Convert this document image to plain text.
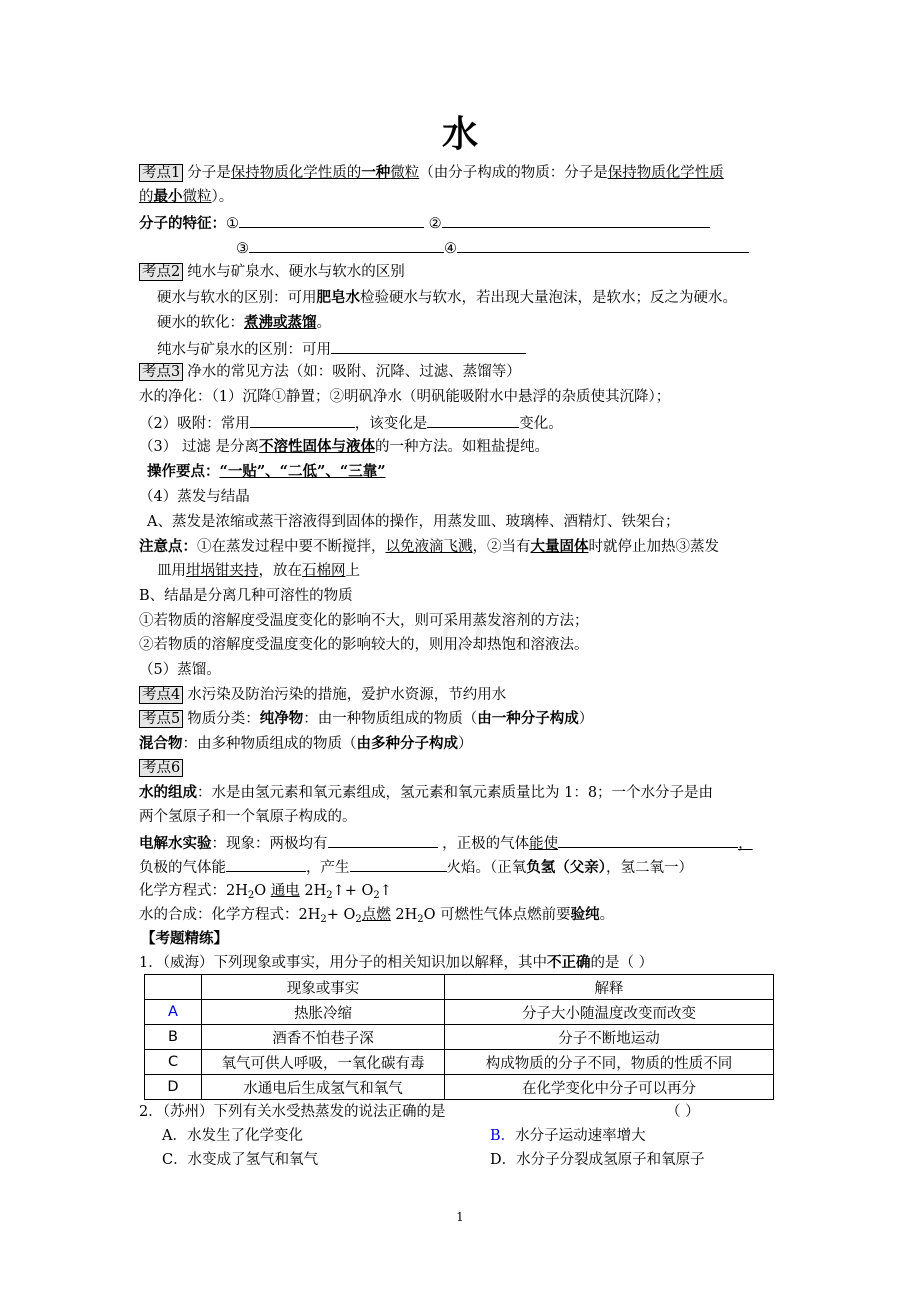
cn
水
考点1 分子是保持物质化学性质的一种微粒（由分子构成的物质：分子是保持物质化学性质
的最小微粒）。
分子的特征：①	②
③	④
考点2 纯水与矿泉水、硬水与软水的区别
硬水与软水的区别：可用肥皂水检验硬水与软水，若出现大量泡沫，是软水；反之为硬水。
硬水的软化：煮沸或蒸馏。
纯水与矿泉水的区别：可用
考点3 净水的常见方法（如：吸附、沉降、过滤、蒸馏等）
水的净化：（1）沉降①静置；②明矾净水（明矾能吸附水中悬浮的杂质使其沉降）；
（2）吸附：常用	，该变化是	变化。
（3） 过滤 是分离不溶性固体与液体的一种方法。如粗盐提纯。
操作要点：“一贴”、“二低”、“三靠”
（4）蒸发与结晶
A、蒸发是浓缩或蒸干溶液得到固体的操作，用蒸发皿、玻璃棒、酒精灯、铁架台；
注意点：①在蒸发过程中要不断搅拌，以免液滴飞溅，②当有大量固体时就停止加热③蒸发
皿用坩埚钳夹持，放在石棉网上
B、结晶是分离几种可溶性的物质
①若物质的溶解度受温度变化的影响不大，则可采用蒸发溶剂的方法；
②若物质的溶解度受温度变化的影响较大的，则用冷却热饱和溶液法。
（5）蒸馏。
考点4 水污染及防治污染的措施，爱护水资源，节约用水
考点5 物质分类：纯净物：由一种物质组成的物质（由一种分子构成）
混合物：由多种物质组成的物质（由多种分子构成）
考点6
水的组成：水是由氢元素和氧元素组成，氢元素和氧元素质量比为 1：8；一个水分子是由
两个氢原子和一个氧原子构成的。
电解水实验：现象：两极均有	，正极的气体能使	，
负极的气体能	，产生	火焰。（正氧负氢（父亲），氢二氧一）
化学方程式：$2H_2O$ 通电 $2H_2↑+$ $O_2↑$
水的合成：化学方程式：$2H_2+ O_2$点燃 $2H_2O$ 可燃性气体点燃前要验纯。
【考题精练】
1．（威海）下列现象或事实，用分子的相关知识加以解释，其中不正确的是（ ）
	现象或事实	解释
A	热胀冷缩	分子大小随温度改变而改变
B	酒香不怕巷子深	分子不断地运动
C	氧气可供人呼吸，一氧化碳有毒	构成物质的分子不同，物质的性质不同
D	水通电后生成氢气和氧气	在化学变化中分子可以再分
2．（苏州）下列有关水受热蒸发的说法正确的是	（ ）
A．水发生了化学变化	B．水分子运动速率增大
C．水变成了氢气和氧气	D．水分子分裂成氢原子和氧原子
1
